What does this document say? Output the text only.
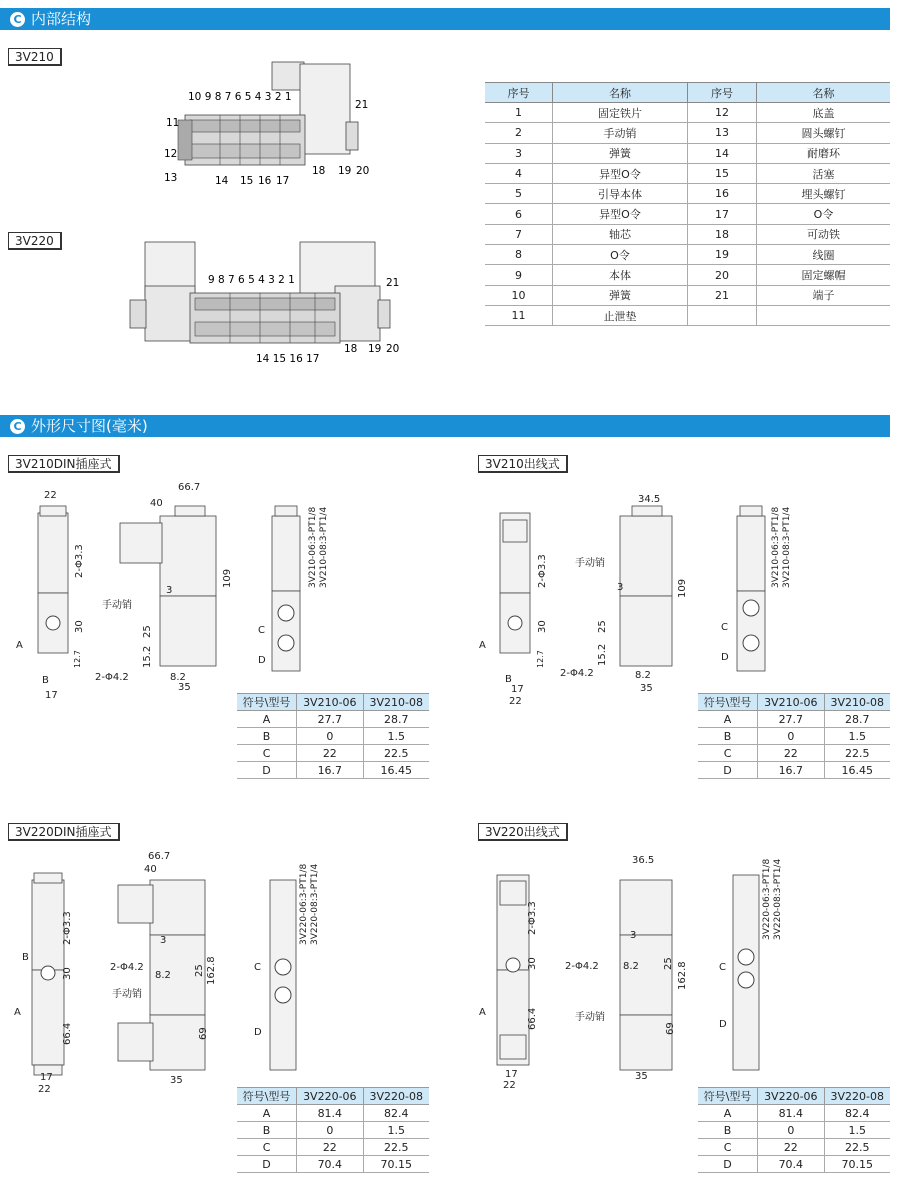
C 内部结构
3V210
3V220
10 9 8 7 6 5 4 3 2 1
21
11
12
13	14 15 16 17
18 19 20
9 8 7 6 5 4 3 2 1	21
14 15 16 17
18 19 20
序号	名称	序号	名称
1	固定铁片	12	底盖
2	手动销	13	圆头螺钉
3	弹簧	14	耐磨环
4	异型O令	15	活塞
5	引导本体	16	埋头螺钉
6	异型O令	17	O令
7	轴芯	18	可动铁
8	O令	19	线圈
9	本体	20	固定螺帽
10	弹簧	21	端子
11	止泄垫		
C 外形尺寸图(毫米)
3V210DIN插座式	3V210出线式
3V220DIN插座式	3V220出线式
22
66.7
40
109
3
手动销
25
15.2
8.2
2-Φ4.2
35
2-Φ3.3
30
12.7
A
B
17
C
D
3V210-06:3-PT1/8 3V210-08:3-PT1/4
34.5
109
手动销
3
25
15.2
8.2
2-Φ4.2
35
2-Φ3.3
30
12.7
A
B
17
22
C
D
3V210-06:3-PT1/8 3V210-08:3-PT1/4
符号\型号	3V210-06	3V210-08
A	27.7	28.7
B	0	1.5
C	22	22.5
D	16.7	16.45
符号\型号	3V210-06	3V210-08
A	27.7	28.7
B	0	1.5
C	22	22.5
D	16.7	16.45
66.7
40
3
2-Φ4.2
8.2
手动销
25 162.8
69
35
2-Φ3.3
30
66.4
B
A
17
22
C
D
3V220-06:3-PT1/8 3V220-08:3-PT1/4
36.5
3
2-Φ4.2 8.2
手动销
25 162.8
69
35
2-Φ3.3
30
66.4
A
17
22
C
D
3V220-06:3-PT1/8 3V220-08:3-PT1/4
符号\型号	3V220-06	3V220-08
A	81.4	82.4
B	0	1.5
C	22	22.5
D	70.4	70.15
符号\型号	3V220-06	3V220-08
A	81.4	82.4
B	0	1.5
C	22	22.5
D	70.4	70.15
